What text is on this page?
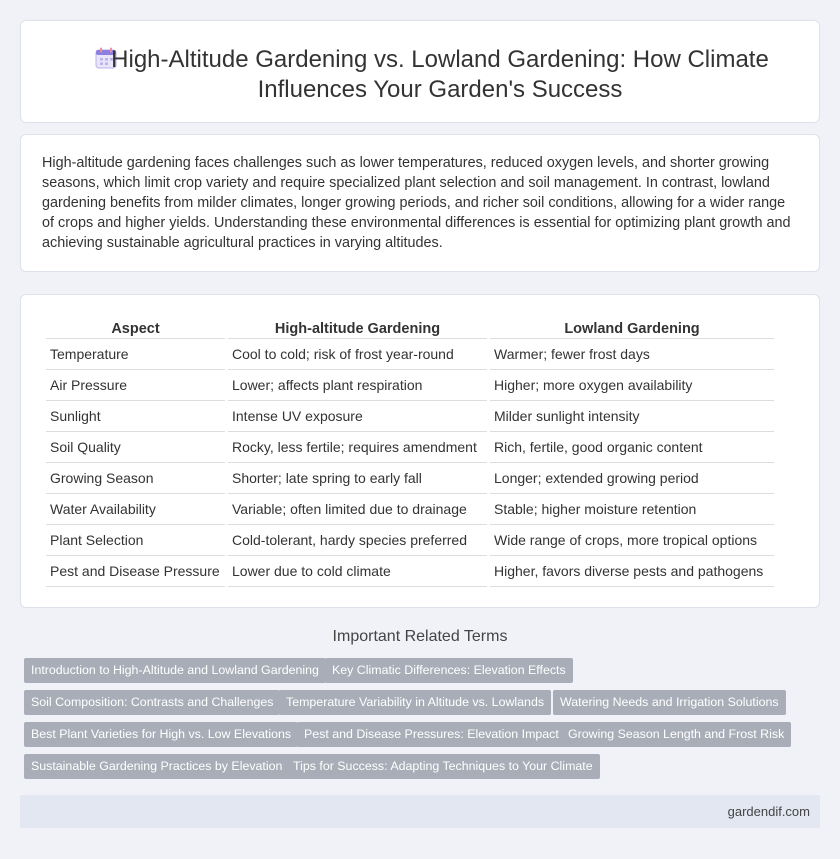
High-Altitude Gardening vs. Lowland Gardening: How Climate Influences Your Garden's Success

High-altitude gardening faces challenges such as lower temperatures, reduced oxygen levels, and shorter growing seasons, which limit crop variety and require specialized plant selection and soil management. In contrast, lowland gardening benefits from milder climates, longer growing periods, and richer soil conditions, allowing for a wider range of crops and higher yields. Understanding these environmental differences is essential for optimizing plant growth and achieving sustainable agricultural practices in varying altitudes.

Aspect	High-altitude Gardening	Lowland Gardening
Temperature	Cool to cold; risk of frost year-round	Warmer; fewer frost days
Air Pressure	Lower; affects plant respiration	Higher; more oxygen availability
Sunlight	Intense UV exposure	Milder sunlight intensity
Soil Quality	Rocky, less fertile; requires amendment	Rich, fertile, good organic content
Growing Season	Shorter; late spring to early fall	Longer; extended growing period
Water Availability	Variable; often limited due to drainage	Stable; higher moisture retention
Plant Selection	Cold-tolerant, hardy species preferred	Wide range of crops, more tropical options
Pest and Disease Pressure	Lower due to cold climate	Higher, favors diverse pests and pathogens
Important Related Terms
Introduction to High-Altitude and Lowland Gardening	Key Climatic Differences: Elevation Effects
Soil Composition: Contrasts and Challenges	Temperature Variability in Altitude vs. Lowlands	Watering Needs and Irrigation Solutions
Best Plant Varieties for High vs. Low Elevations	Pest and Disease Pressures: Elevation Impact Growing Season Length and Frost Risk
Sustainable Gardening Practices by Elevation Tips for Success: Adapting Techniques to Your Climate
gardendif.com
